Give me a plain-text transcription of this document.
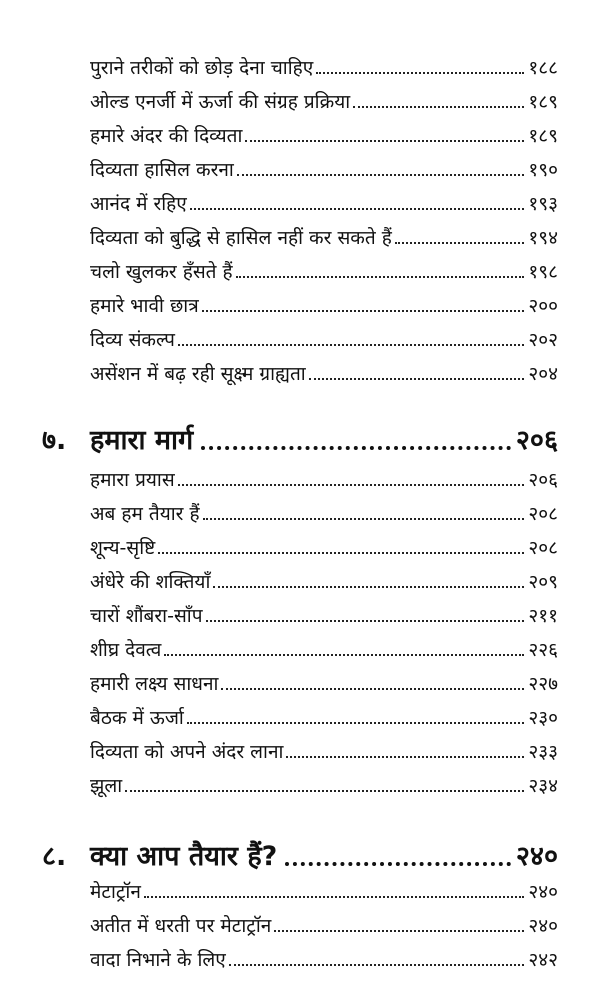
पुराने तरीकों को छोड़ देना चाहिए	१८८
ओल्ड एनर्जी में ऊर्जा की संग्रह प्रक्रिया	१८९
हमारे अंदर की दिव्यता	१८९
दिव्यता हासिल करना	१९०
आनंद में रहिए	१९३
दिव्यता को बुद्धि से हासिल नहीं कर सकते हैं	१९४
चलो खुलकर हँसते हैं	१९८
हमारे भावी छात्र	२००
दिव्य संकल्प	२०२
असेंशन में बढ़ रही सूक्ष्म ग्राह्यता	२०४
७. हमारा मार्ग	२०६
हमारा प्रयास	२०६
अब हम तैयार हैं	२०८
शून्य-सृष्टि	२०८
अंधेरे की शक्तियाँ	२०९
चारों शौंबरा-साँप	२११
शीघ्र देवत्व	२२६
हमारी लक्ष्य साधना	२२७
बैठक में ऊर्जा	२३०
दिव्यता को अपने अंदर लाना	२३३
झूला	२३४
८. क्या आप तैयार हैं?	२४०
मेटाट्रॉन	२४०
अतीत में धरती पर मेटाट्रॉन	२४०
वादा निभाने के लिए	२४२
